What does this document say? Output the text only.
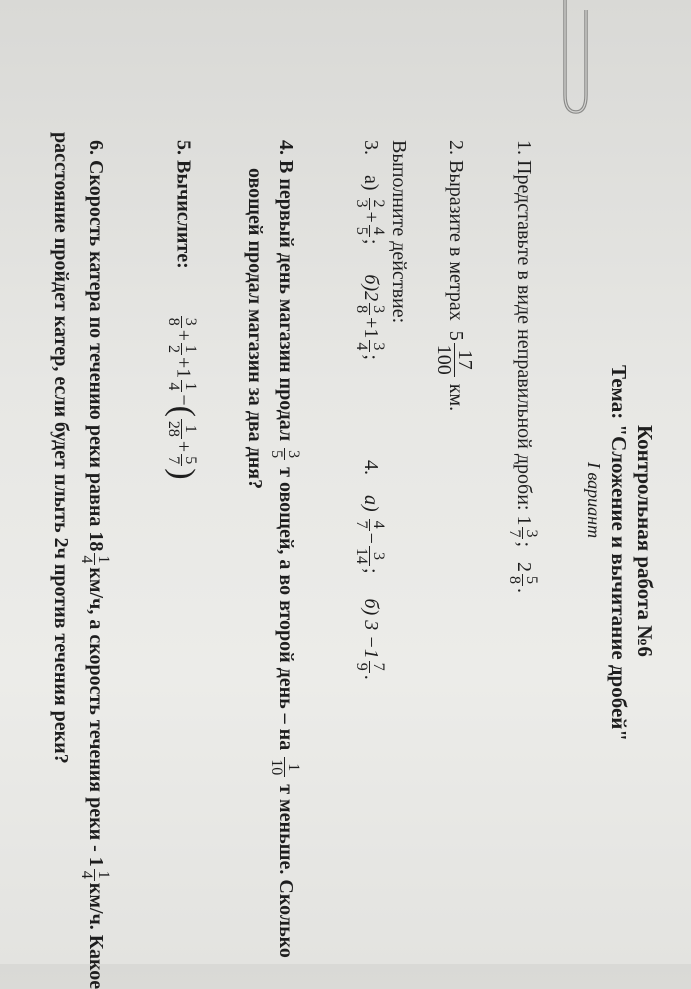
Контрольная работа №6
Тема: "Сложение и вычитание дробей"
I вариант
1. Представьте в виде неправильной дроби: 1
3
7
;   2
5
8
.
2. Выразите в метрах  5
17
100
км.
Выполните действие:
3.    а)
2
3
+
4
5
;      б)2
3
8
+1
3
4
;
4.    а)
4
7
−
3
14
;     б) 3 −1
7
9
.
4. В первый день магазин продал
3
5
т овощей, а во второй день – на
1
10
т меньше. Сколько
овощей продал магазин за два дня?
5. Вычислите:
3
8
+
1
2
+1
1
4
−(
1
28
+
5
7
)
6. Скорость катера по течению реки равна 18
1
4
км/ч, а скорость течения реки - 1
1
4
км/ч. Какое
расстояние пройдет катер, если будет плыть 2ч против течения реки?
